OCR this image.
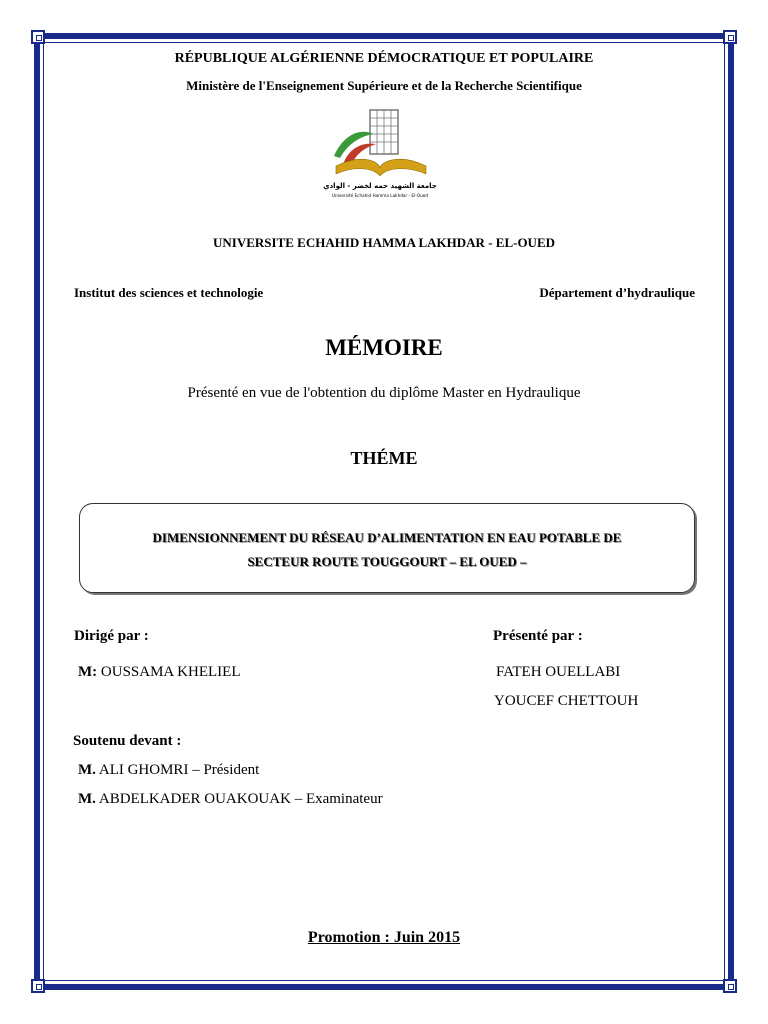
RÉPUBLIQUE ALGÉRIENNE DÉMOCRATIQUE ET POPULAIRE
Ministère de l'Enseignement Supérieure et de la Recherche Scientifique
جامعة الشهيد حمه لخضر - الوادي
Université Echahid Hamma Lakhdar - El-Oued
UNIVERSITE ECHAHID HAMMA LAKHDAR - EL-OUED
Institut des sciences et technologie	Département d’hydraulique
MÉMOIRE
Présenté en vue de l'obtention du diplôme Master en Hydraulique
THÉME
DIMENSIONNEMENT DU RÉSEAU D’ALIMENTATION EN EAU POTABLE DE
SECTEUR ROUTE TOUGGOURT – EL OUED –
Dirigé par :	Présenté par :
M: OUSSAMA KHELIEL	FATEH OUELLABI
YOUCEF CHETTOUH
Soutenu devant :
M. ALI GHOMRI – Président
M. ABDELKADER OUAKOUAK – Examinateur
Promotion : Juin 2015
